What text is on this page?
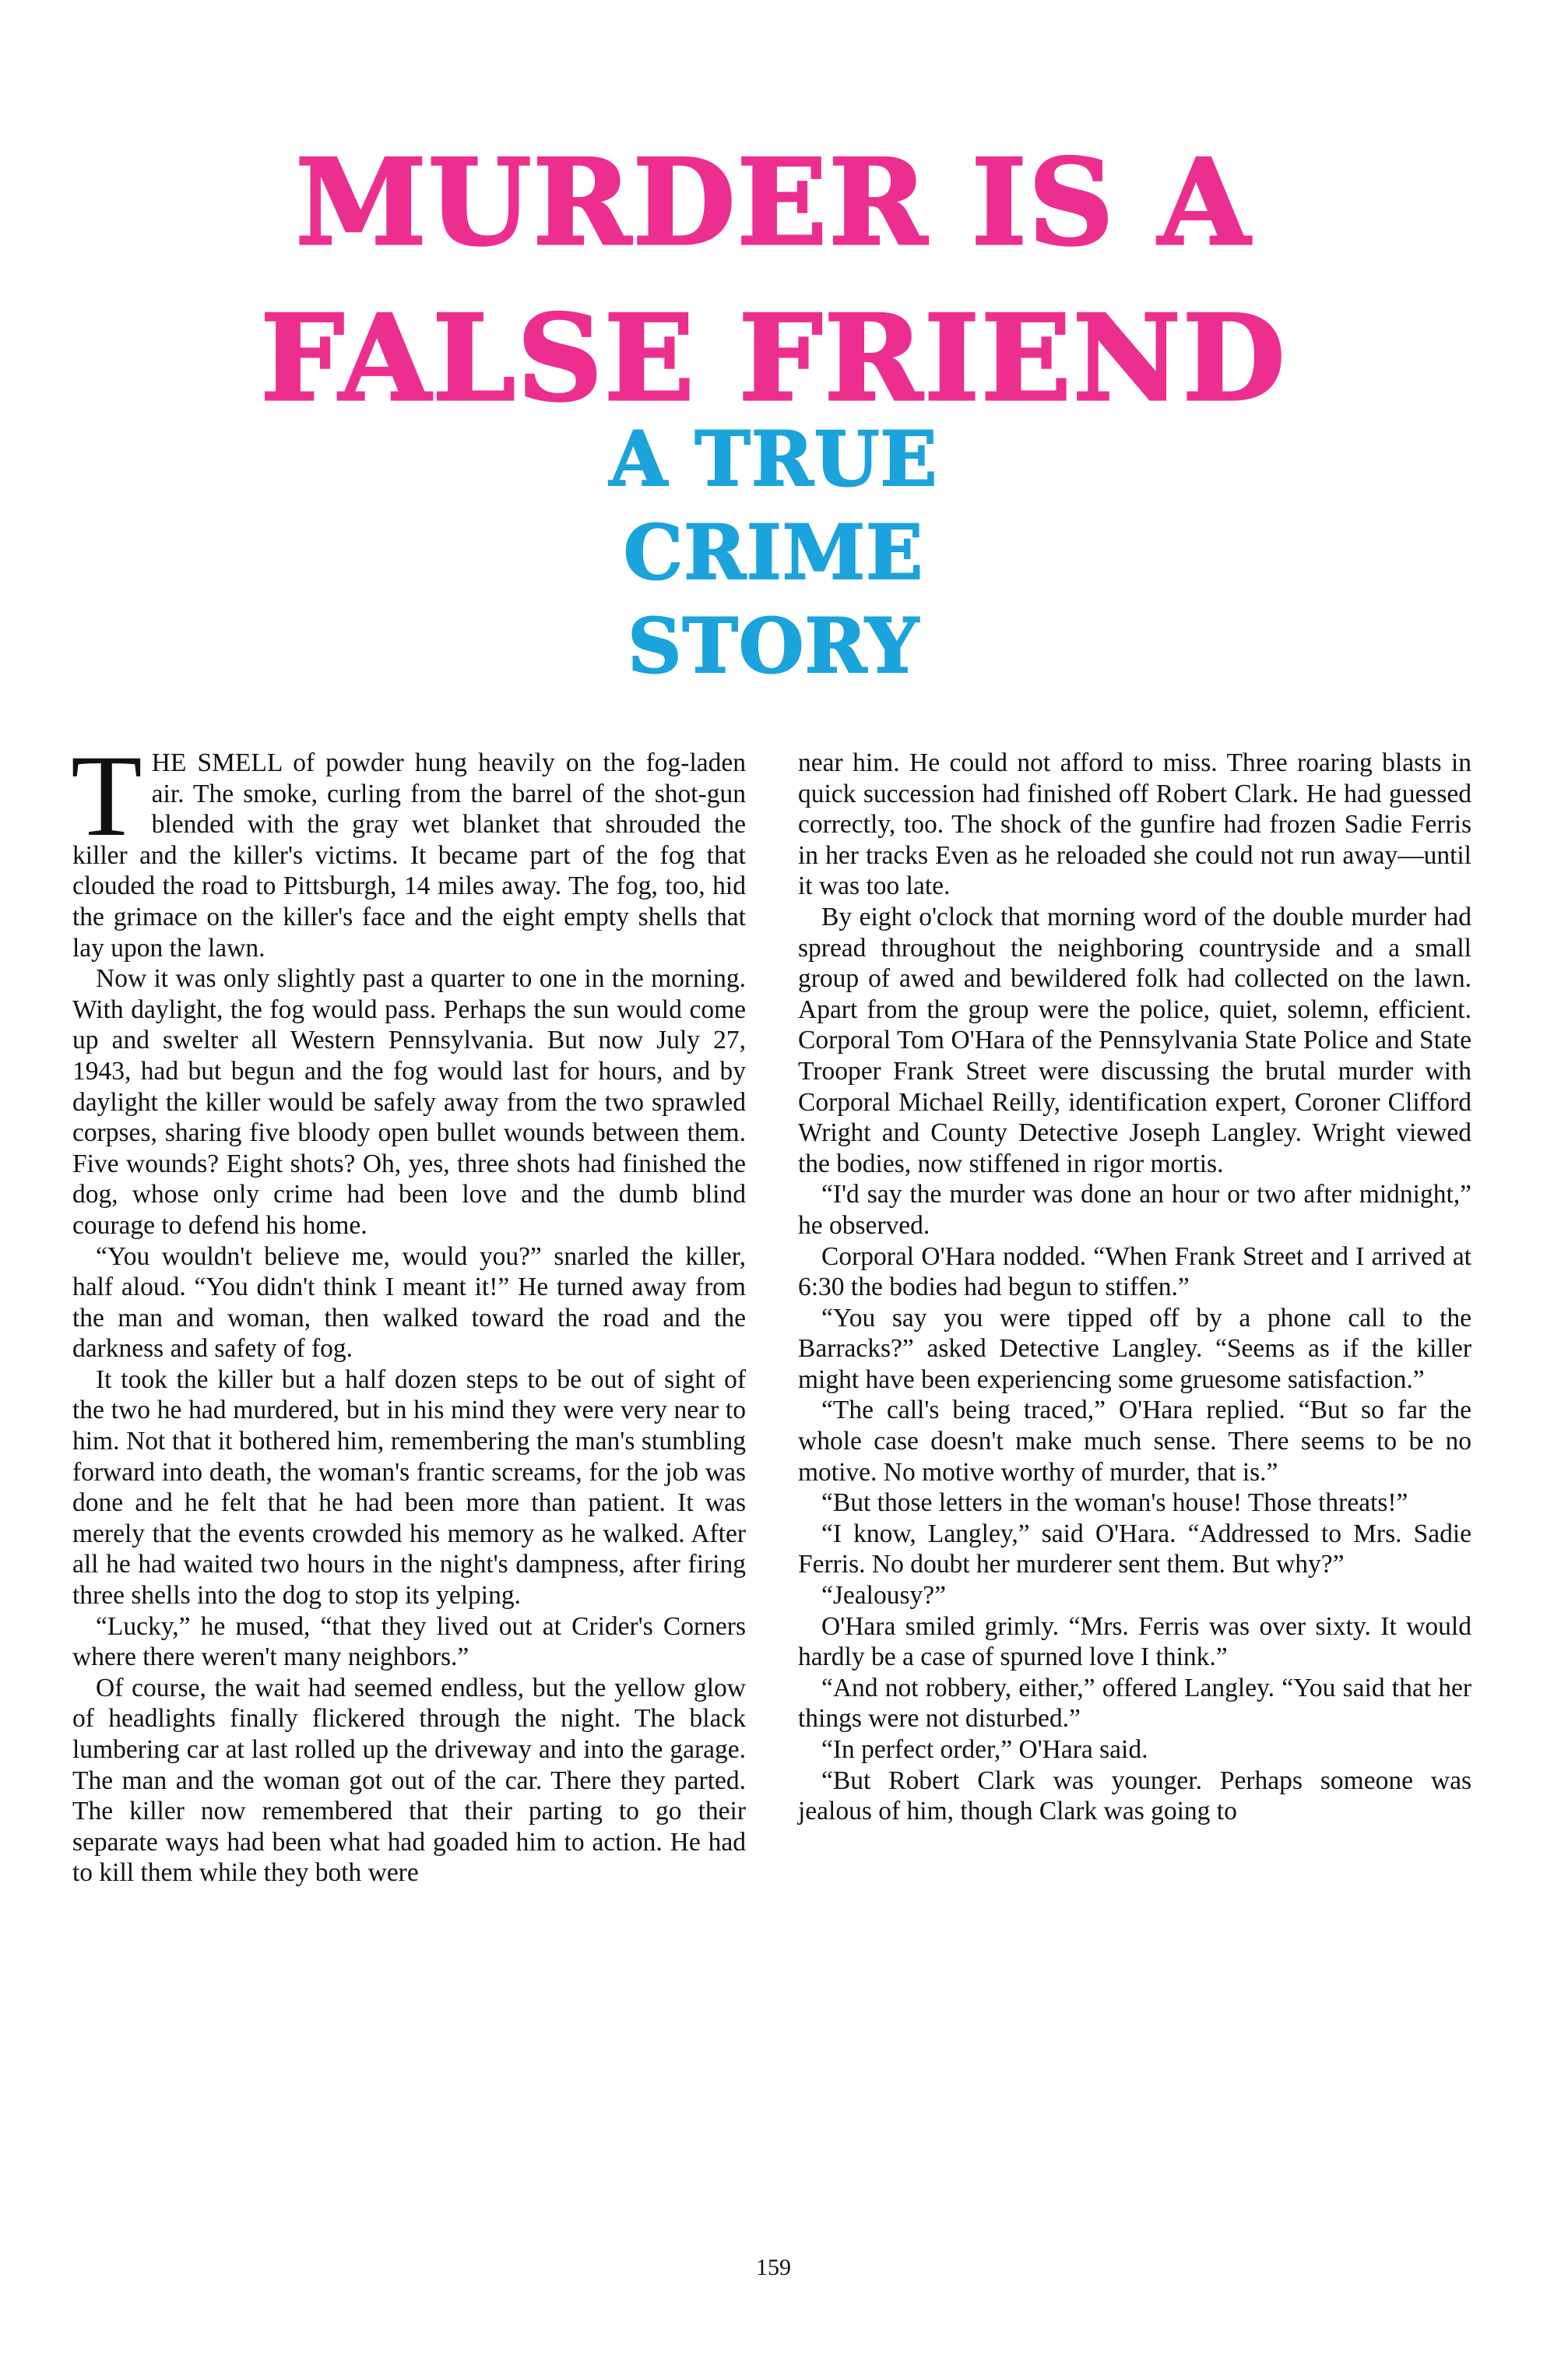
MURDER IS A
FALSE FRIEND
A TRUE
CRIME
STORY

THE SMELL of powder hung heavily on the fog-laden air. The smoke, curling from the barrel of the shot-gun blended with the gray wet blanket that shrouded the killer and the killer's victims. It became part of the fog that clouded the road to Pittsburgh, 14 miles away. The fog, too, hid the grimace on the killer's face and the eight empty shells that lay upon the lawn.

Now it was only slightly past a quarter to one in the morning. With daylight, the fog would pass. Perhaps the sun would come up and swelter all Western Pennsylvania. But now July 27, 1943, had but begun and the fog would last for hours, and by daylight the killer would be safely away from the two sprawled corpses, sharing five bloody open bullet wounds between them. Five wounds? Eight shots? Oh, yes, three shots had finished the dog, whose only crime had been love and the dumb blind courage to defend his home.

“You wouldn't believe me, would you?” snarled the killer, half aloud. “You didn't think I meant it!” He turned away from the man and woman, then walked toward the road and the darkness and safety of fog.

It took the killer but a half dozen steps to be out of sight of the two he had murdered, but in his mind they were very near to him. Not that it bothered him, remembering the man's stumbling forward into death, the woman's frantic screams, for the job was done and he felt that he had been more than patient. It was merely that the events crowded his memory as he walked. After all he had waited two hours in the night's dampness, after firing three shells into the dog to stop its yelping.

“Lucky,” he mused, “that they lived out at Crider's Corners where there weren't many neighbors.”

Of course, the wait had seemed endless, but the yellow glow of headlights finally flickered through the night. The black lumbering car at last rolled up the driveway and into the garage. The man and the woman got out of the car. There they parted. The killer now remembered that their parting to go their separate ways had been what had goaded him to action. He had to kill them while they both were

near him. He could not afford to miss. Three roaring blasts in quick succession had finished off Robert Clark. He had guessed correctly, too. The shock of the gunfire had frozen Sadie Ferris in her tracks Even as he reloaded she could not run away—until it was too late.

By eight o'clock that morning word of the double murder had spread throughout the neighboring countryside and a small group of awed and bewildered folk had collected on the lawn. Apart from the group were the police, quiet, solemn, efficient. Corporal Tom O'Hara of the Pennsylvania State Police and State Trooper Frank Street were discussing the brutal murder with Corporal Michael Reilly, identification expert, Coroner Clifford Wright and County Detective Joseph Langley. Wright viewed the bodies, now stiffened in rigor mortis.

“I'd say the murder was done an hour or two after midnight,” he observed.

Corporal O'Hara nodded. “When Frank Street and I arrived at 6:30 the bodies had begun to stiffen.”

“You say you were tipped off by a phone call to the Barracks?” asked Detective Langley. “Seems as if the killer might have been experiencing some gruesome satisfaction.”

“The call's being traced,” O'Hara replied. “But so far the whole case doesn't make much sense. There seems to be no motive. No motive worthy of murder, that is.”

“But those letters in the woman's house! Those threats!”

“I know, Langley,” said O'Hara. “Addressed to Mrs. Sadie Ferris. No doubt her murderer sent them. But why?”

“Jealousy?”

O'Hara smiled grimly. “Mrs. Ferris was over sixty. It would hardly be a case of spurned love I think.”

“And not robbery, either,” offered Langley. “You said that her things were not disturbed.”

“In perfect order,” O'Hara said.

“But Robert Clark was younger. Perhaps someone was jealous of him, though Clark was going to

159
